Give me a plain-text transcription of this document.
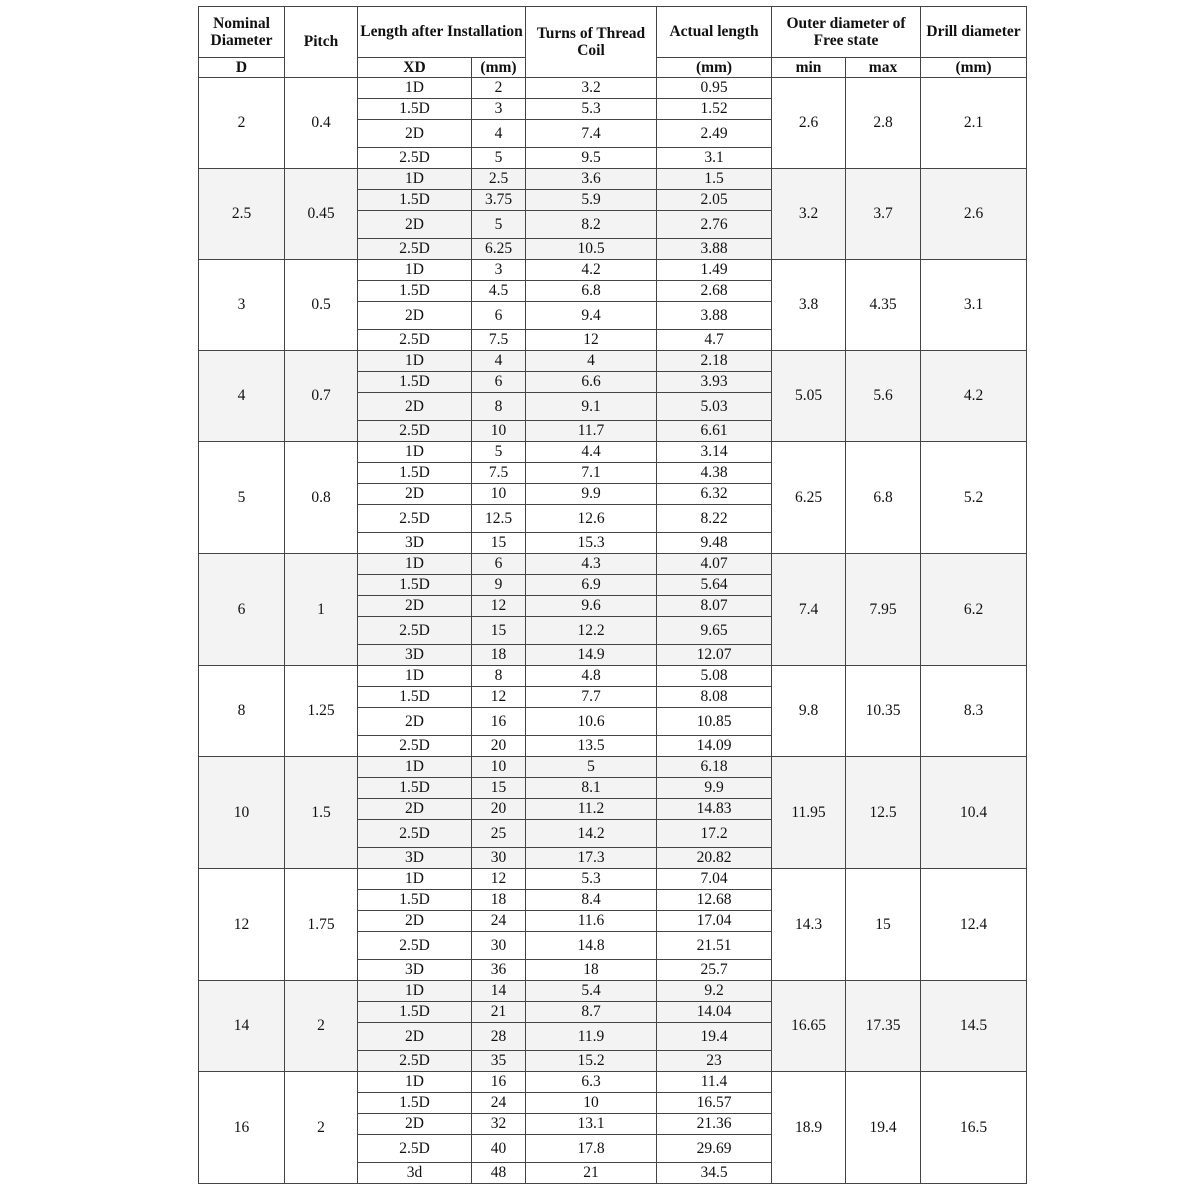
Nominal Diameter	Pitch	Length after Installation		Turns of Thread Coil	Actual length	Outer diameter of Free state		Drill diameter
D		XD	(mm)		(mm)	min	max	(mm)
2	0.4	1D	2	3.2	0.95	2.6	2.8	2.1
		1.5D	3	5.3	1.52			
		2D	4	7.4	2.49			
		2.5D	5	9.5	3.1			
2.5	0.45	1D	2.5	3.6	1.5	3.2	3.7	2.6
		1.5D	3.75	5.9	2.05			
		2D	5	8.2	2.76			
		2.5D	6.25	10.5	3.88			
3	0.5	1D	3	4.2	1.49	3.8	4.35	3.1
		1.5D	4.5	6.8	2.68			
		2D	6	9.4	3.88			
		2.5D	7.5	12	4.7			
4	0.7	1D	4	4	2.18	5.05	5.6	4.2
		1.5D	6	6.6	3.93			
		2D	8	9.1	5.03			
		2.5D	10	11.7	6.61			
5	0.8	1D	5	4.4	3.14	6.25	6.8	5.2
		1.5D	7.5	7.1	4.38			
		2D	10	9.9	6.32			
		2.5D	12.5	12.6	8.22			
		3D	15	15.3	9.48			
6	1	1D	6	4.3	4.07	7.4	7.95	6.2
		1.5D	9	6.9	5.64			
		2D	12	9.6	8.07			
		2.5D	15	12.2	9.65			
		3D	18	14.9	12.07			
8	1.25	1D	8	4.8	5.08	9.8	10.35	8.3
		1.5D	12	7.7	8.08			
		2D	16	10.6	10.85			
		2.5D	20	13.5	14.09			
10	1.5	1D	10	5	6.18	11.95	12.5	10.4
		1.5D	15	8.1	9.9			
		2D	20	11.2	14.83			
		2.5D	25	14.2	17.2			
		3D	30	17.3	20.82			
12	1.75	1D	12	5.3	7.04	14.3	15	12.4
		1.5D	18	8.4	12.68			
		2D	24	11.6	17.04			
		2.5D	30	14.8	21.51			
		3D	36	18	25.7			
14	2	1D	14	5.4	9.2	16.65	17.35	14.5
		1.5D	21	8.7	14.04			
		2D	28	11.9	19.4			
		2.5D	35	15.2	23			
16	2	1D	16	6.3	11.4	18.9	19.4	16.5
		1.5D	24	10	16.57			
		2D	32	13.1	21.36			
		2.5D	40	17.8	29.69			
		3d	48	21	34.5			
